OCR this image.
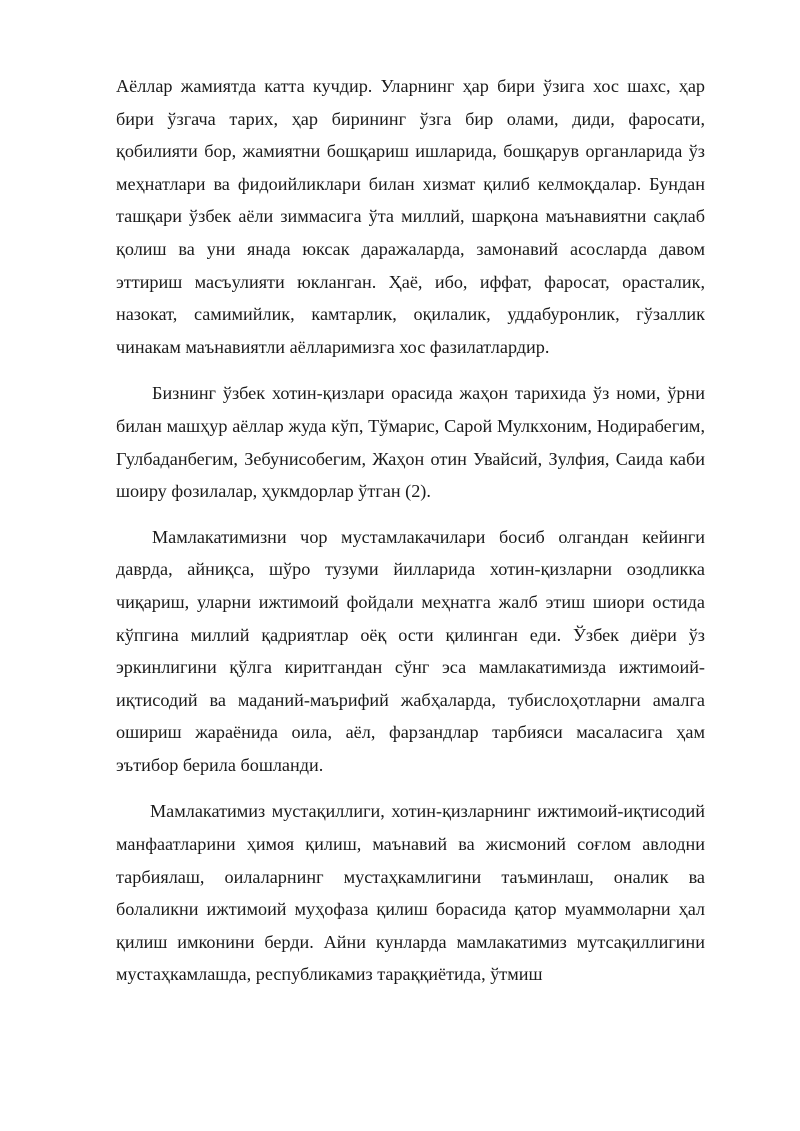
Аёллар жамиятда катта кучдир. Уларнинг ҳар бири ўзига хос шахс, ҳар бири ўзгача тарих, ҳар бирининг ўзга бир олами, диди, фаросати, қобилияти бор, жамиятни бошқариш ишларида, бошқарув органларида ўз меҳнатлари ва фидоийликлари билан хизмат қилиб келмоқдалар. Бундан ташқари ўзбек аёли зиммасига ўта миллий, шарқона маънавиятни сақлаб қолиш ва уни янада юксак даражаларда, замонавий асосларда давом эттириш масъулияти юкланган. Ҳаё, ибо, иффат, фаросат, орасталик, назокат, самимийлик, камтарлик, оқилалик, уддабуронлик, гўзаллик чинакам маънавиятли аёлларимизга хос фазилатлардир.

Бизнинг ўзбек хотин-қизлари орасида жаҳон тарихида ўз номи, ўрни билан машҳур аёллар жуда кўп, Тўмарис, Сарой Мулкхоним, Нодирабегим, Гулбаданбегим, Зебунисобегим, Жаҳон отин Увайсий, Зулфия, Саида каби шоиру фозилалар, ҳукмдорлар ўтган (2).

Мамлакатимизни чор мустамлакачилари босиб олгандан кейинги даврда, айниқса, шўро тузуми йилларида хотин-қизларни озодликка чиқариш, уларни ижтимоий фойдали меҳнатга жалб этиш шиори остида кўпгина миллий қадриятлар оёқ ости қилинган еди. Ўзбек диёри ўз эркинлигини қўлга киритгандан сўнг эса мамлакатимизда ижтимоий-иқтисодий ва маданий-маърифий жабҳаларда, тубислоҳотларни амалга ошириш жараёнида оила, аёл, фарзандлар тарбияси масаласига ҳам эътибор берила бошланди.

Мамлакатимиз мустақиллиги, хотин-қизларнинг ижтимоий-иқтисодий манфаатларини ҳимоя қилиш, маънавий ва жисмоний соғлом авлодни тарбиялаш, оилаларнинг мустаҳкамлигини таъминлаш, оналик ва болаликни ижтимоий муҳофаза қилиш борасида қатор муаммоларни ҳал қилиш имконини берди. Айни кунларда мамлакатимиз мутсақиллигини мустаҳкамлашда, республикамиз тараққиётида, ўтмиш
